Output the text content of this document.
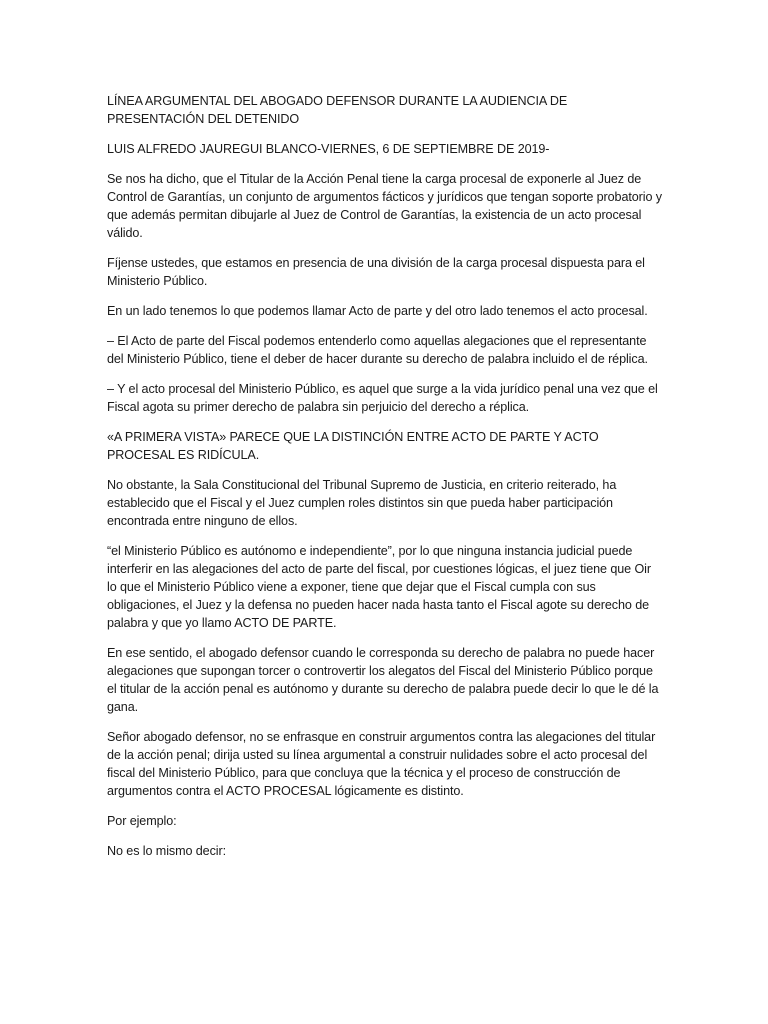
LÍNEA ARGUMENTAL DEL ABOGADO DEFENSOR DURANTE LA AUDIENCIA DE PRESENTACIÓN DEL DETENIDO

LUIS ALFREDO JAUREGUI BLANCO-VIERNES, 6 DE SEPTIEMBRE DE 2019-

Se nos ha dicho, que el Titular de la Acción Penal tiene la carga procesal de exponerle al Juez de Control de Garantías, un conjunto de argumentos fácticos y jurídicos que tengan soporte probatorio y que además permitan dibujarle al Juez de Control de Garantías, la existencia de un acto procesal válido.

Fíjense ustedes, que estamos en presencia de una división de la carga procesal dispuesta para el Ministerio Público.

En un lado tenemos lo que podemos llamar Acto de parte y del otro lado tenemos el acto procesal.

– El Acto de parte del Fiscal podemos entenderlo como aquellas alegaciones que el representante del Ministerio Público, tiene el deber de hacer durante su derecho de palabra incluido el de réplica.

– Y el acto procesal del Ministerio Público, es aquel que surge a la vida jurídico penal una vez que el Fiscal agota su primer derecho de palabra sin perjuicio del derecho a réplica.

«A PRIMERA VISTA» PARECE QUE LA DISTINCIÓN ENTRE ACTO DE PARTE Y ACTO PROCESAL ES RIDÍCULA.

No obstante, la Sala Constitucional del Tribunal Supremo de Justicia, en criterio reiterado, ha establecido que el Fiscal y el Juez cumplen roles distintos sin que pueda haber participación encontrada entre ninguno de ellos.

“el Ministerio Público es autónomo e independiente”, por lo que ninguna instancia judicial puede interferir en las alegaciones del acto de parte del fiscal, por cuestiones lógicas, el juez tiene que Oir lo que el Ministerio Público viene a exponer, tiene que dejar que el Fiscal cumpla con sus obligaciones, el Juez y la defensa no pueden hacer nada hasta tanto el Fiscal agote su derecho de palabra y que yo llamo ACTO DE PARTE.

En ese sentido, el abogado defensor cuando le corresponda su derecho de palabra no puede hacer alegaciones que supongan torcer o controvertir los alegatos del Fiscal del Ministerio Público porque el titular de la acción penal es autónomo y durante su derecho de palabra puede decir lo que le dé la gana.

Señor abogado defensor, no se enfrasque en construir argumentos contra las alegaciones del titular de la acción penal; dirija usted su línea argumental a construir nulidades sobre el acto procesal del fiscal del Ministerio Público, para que concluya que la técnica y el proceso de construcción de argumentos contra el ACTO PROCESAL lógicamente es distinto.

Por ejemplo:

No es lo mismo decir:
